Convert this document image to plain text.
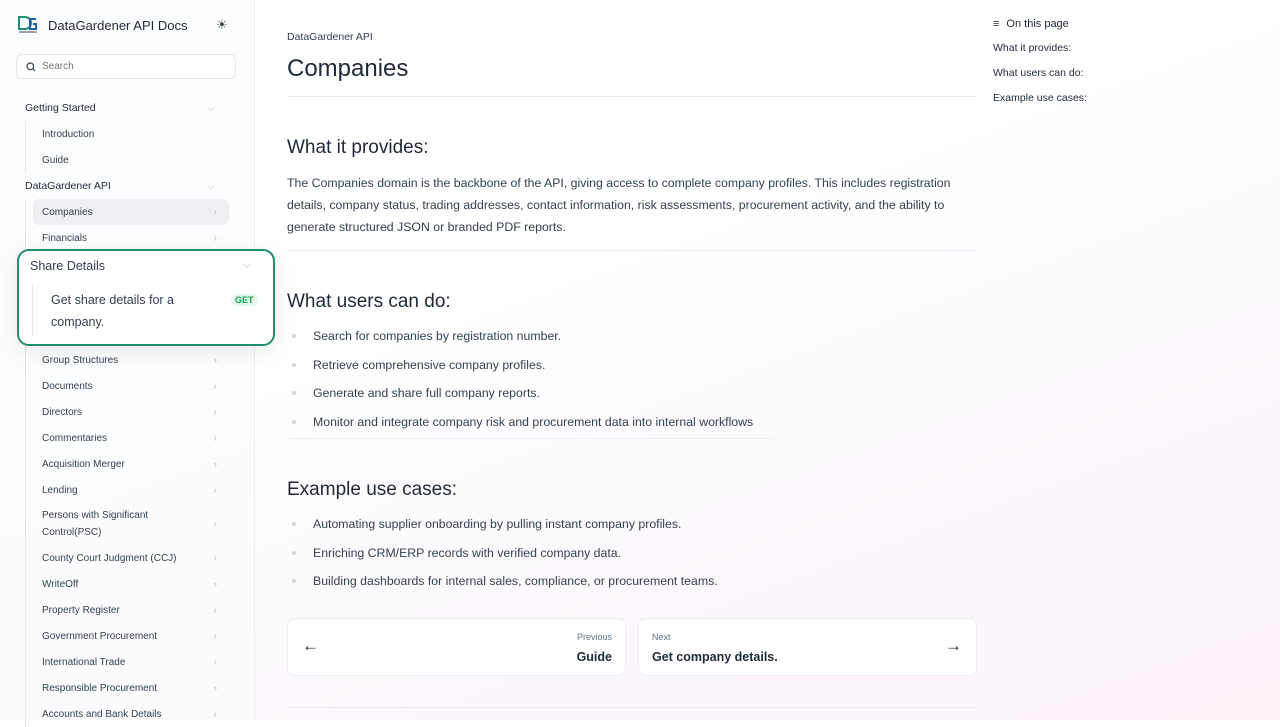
DataGardener API Docs ☀
Search
Getting Started	⌵
Introduction
Guide
DataGardener API	⌵
Companies	›
Financials	›
Group Structures	›
Documents	›
Directors	›
Commentaries	›
Acquisition Merger	›
Lending	›
Persons with Significant Control(PSC)
›
County Court Judgment (CCJ)	›
WriteOff	›
Property Register	›
Government Procurement	›
International Trade	›
Responsible Procurement	›
Accounts and Bank Details	›
Share Details	⌵
Get share details for a company.
GET
DataGardener API
Companies
What it provides:

The Companies domain is the backbone of the API, giving access to complete company profiles. This includes registration details, company status, trading addresses, contact information, risk assessments, procurement activity, and the ability to generate structured JSON or branded PDF reports.

What users can do:
Search for companies by registration number.
Retrieve comprehensive company profiles.
Generate and share full company reports.
Monitor and integrate company risk and procurement data into internal workflows
Example use cases:
Automating supplier onboarding by pulling instant company profiles.
Enriching CRM/ERP records with verified company data.
Building dashboards for internal sales, compliance, or procurement teams.
←	Previous
Guide
Next
Get company details.
→
≡ On this page
What it provides:
What users can do:
Example use cases:
